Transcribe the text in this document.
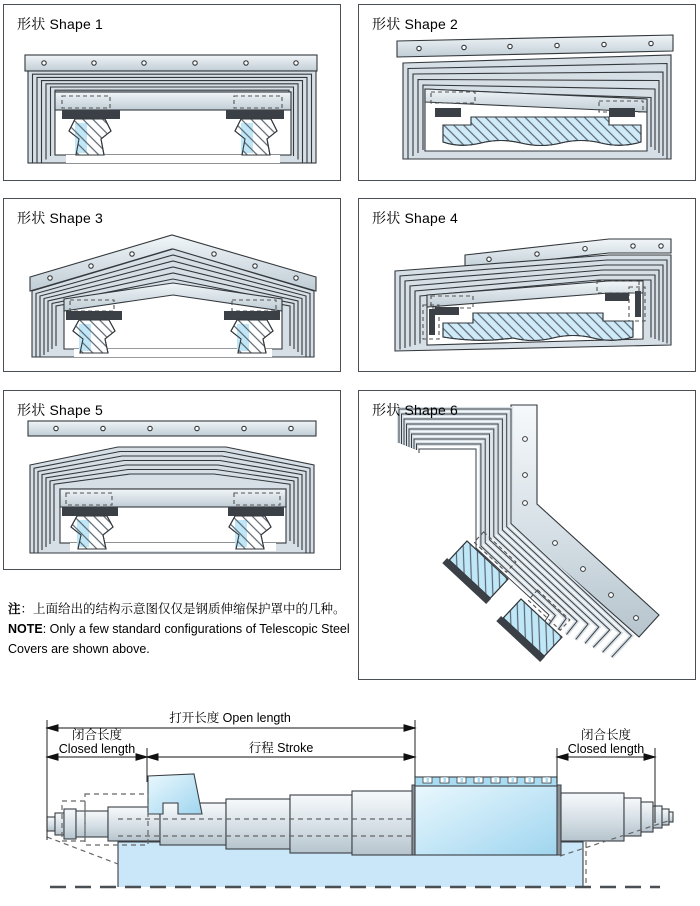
形状 Shape 1	形状 Shape 2
形状 Shape 3	形状 Shape 4
形状 Shape 5	形状 Shape 6

注：上面给出的结构示意图仅仅是钢质伸缩保护罩中的几种。
NOTE: Only a few standard configurations of Telescopic Steel Covers are shown above.

打开长度 Open length
闭合长度
Closed length	行程 Stroke
闭合长度
Closed length
